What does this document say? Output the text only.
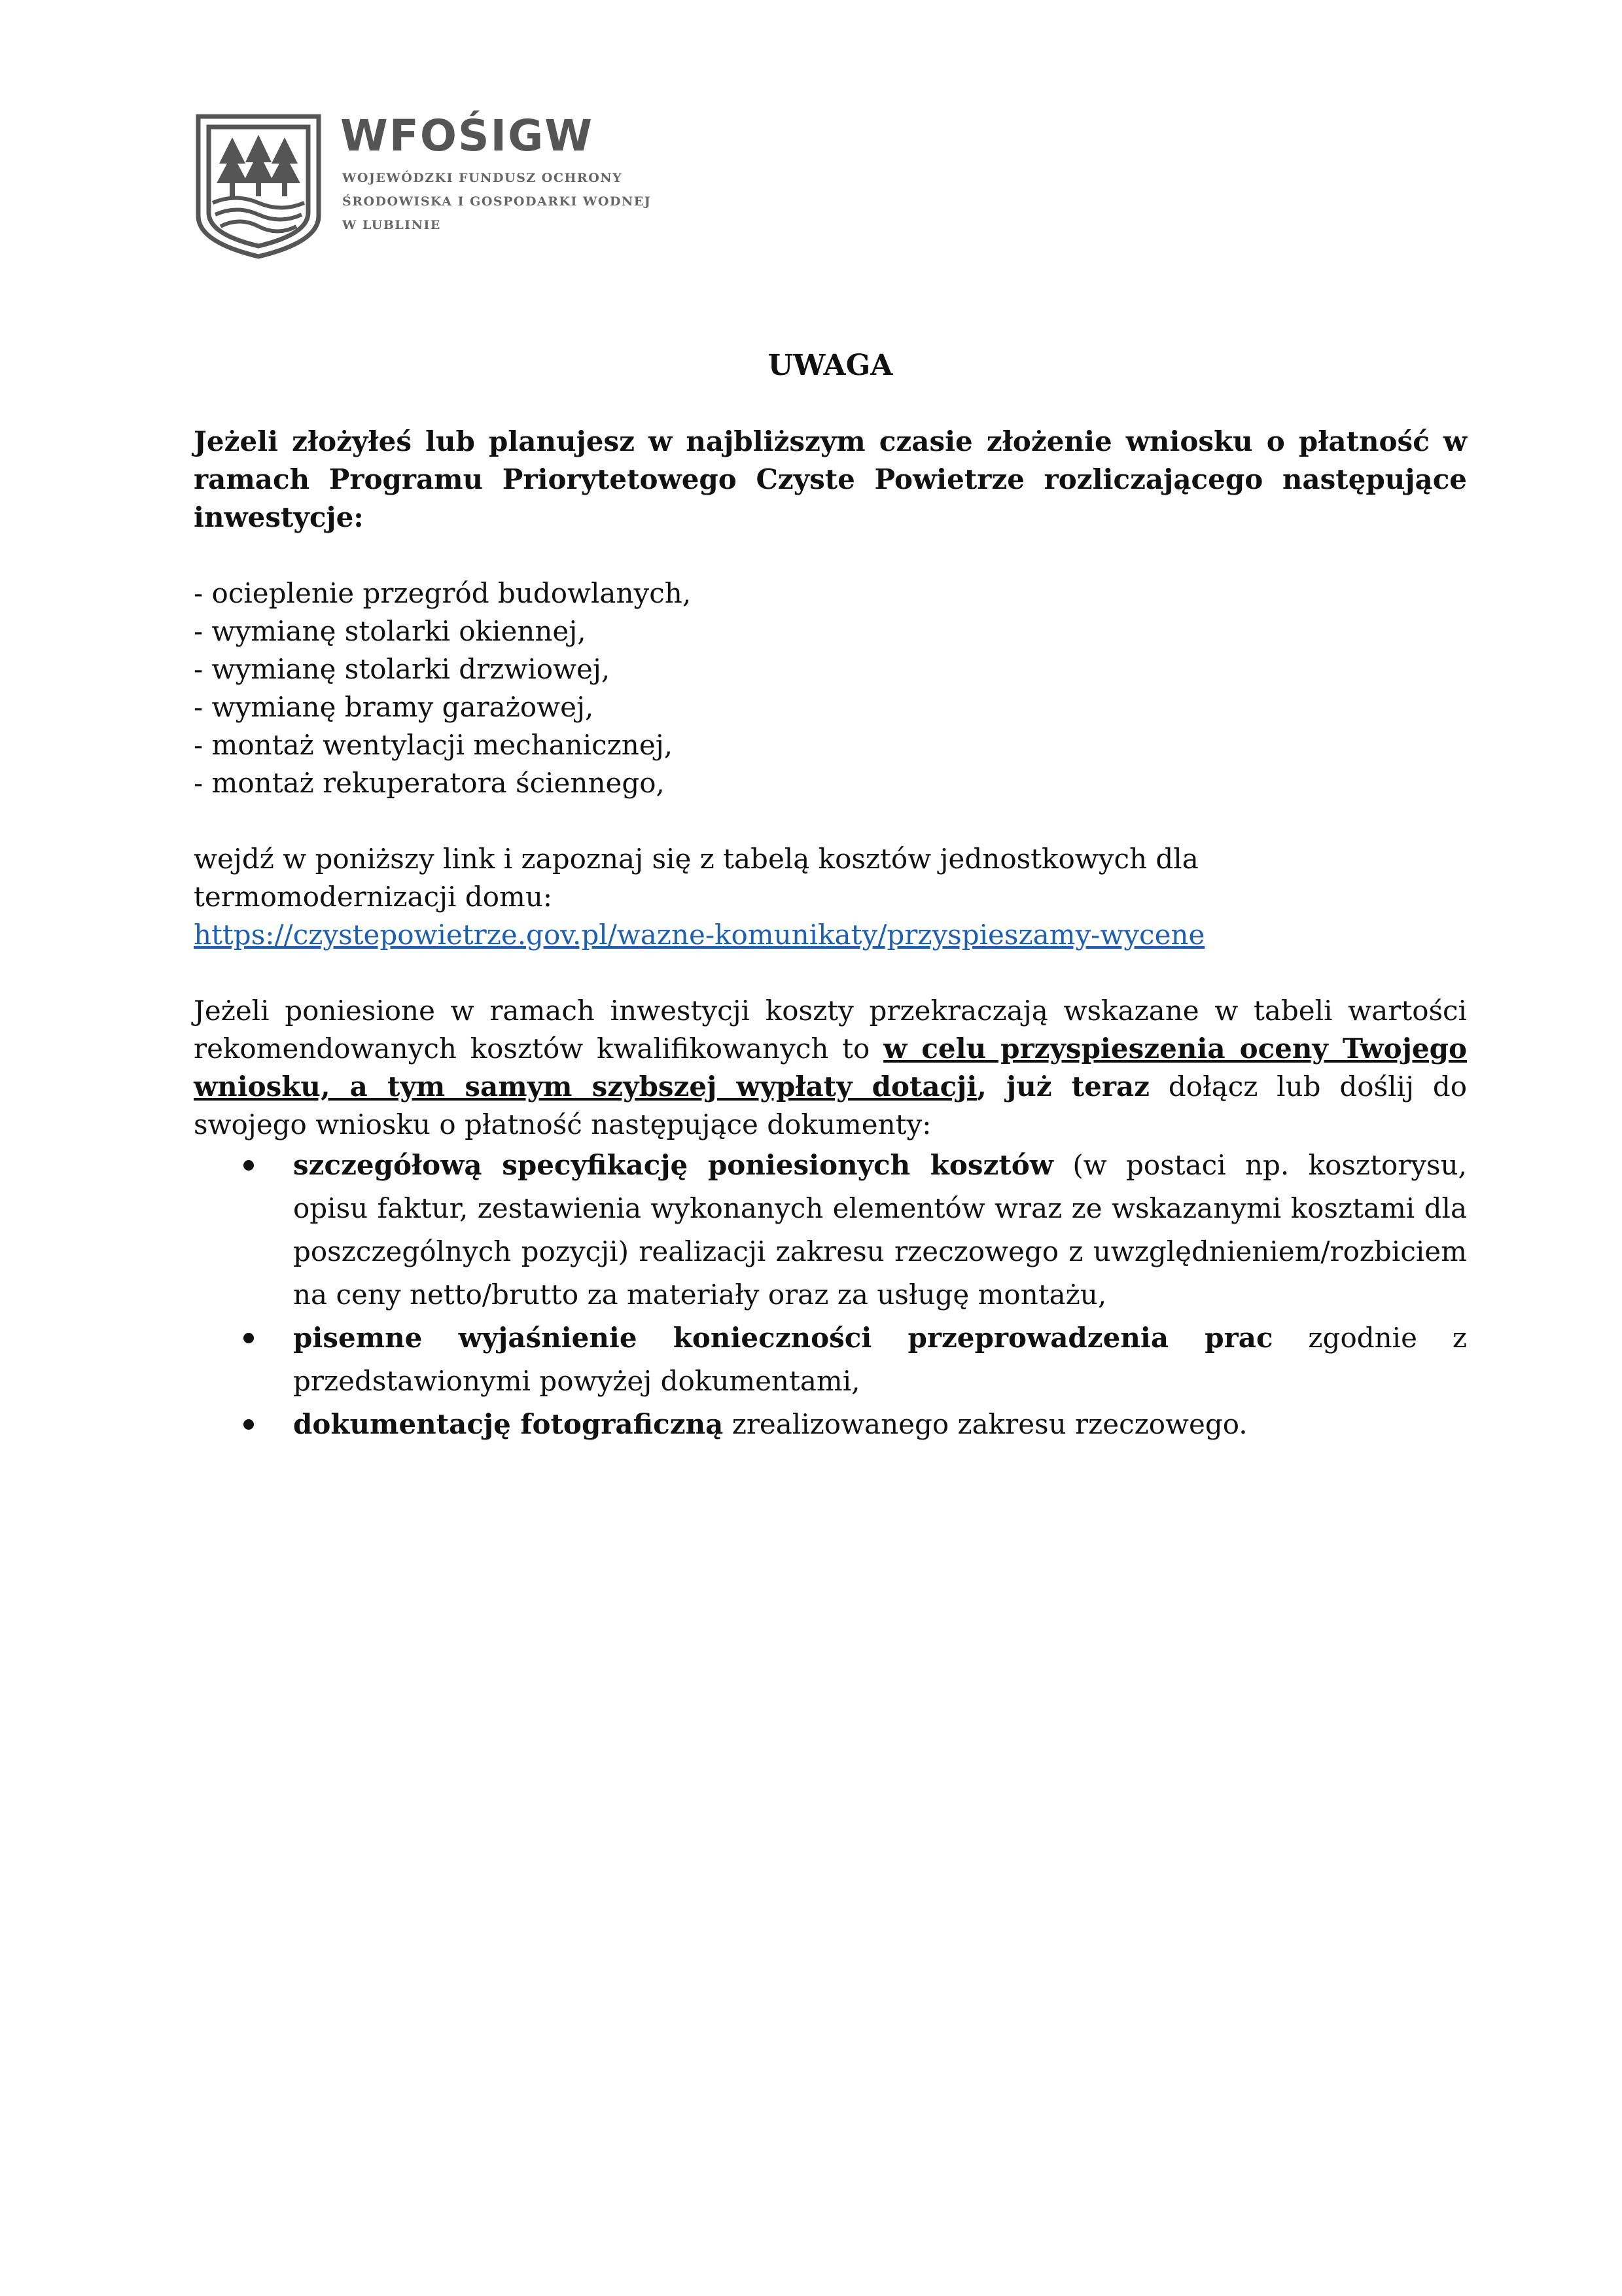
WFOŚIGW
WOJEWÓDZKI FUNDUSZ OCHRONY
ŚRODOWISKA I GOSPODARKI WODNEJ
W LUBLINIE
UWAGA
Jeżeli złożyłeś lub planujesz w najbliższym czasie złożenie wniosku o płatność w ramach Programu Priorytetowego Czyste Powietrze rozliczającego następujące inwestycje:
- ocieplenie przegród budowlanych,
- wymianę stolarki okiennej,
- wymianę stolarki drzwiowej,
- wymianę bramy garażowej,
- montaż wentylacji mechanicznej,
- montaż rekuperatora ściennego,
wejdź w poniższy link i zapoznaj się z tabelą kosztów jednostkowych dla
termomodernizacji domu:
https://czystepowietrze.gov.pl/wazne-komunikaty/przyspieszamy-wycene
Jeżeli poniesione w ramach inwestycji koszty przekraczają wskazane w tabeli wartości rekomendowanych kosztów kwalifikowanych to w celu przyspieszenia oceny Twojego wniosku, a tym samym szybszej wypłaty dotacji, już teraz dołącz lub doślij do swojego wniosku o płatność następujące dokumenty:
szczegółową specyfikację poniesionych kosztów (w postaci np. kosztorysu, opisu faktur, zestawienia wykonanych elementów wraz ze wskazanymi kosztami dla poszczególnych pozycji) realizacji zakresu rzeczowego z uwzględnieniem/rozbiciem na ceny netto/brutto za materiały oraz za usługę montażu,
pisemne wyjaśnienie konieczności przeprowadzenia prac zgodnie z przedstawionymi powyżej dokumentami,
dokumentację fotograficzną zrealizowanego zakresu rzeczowego.
